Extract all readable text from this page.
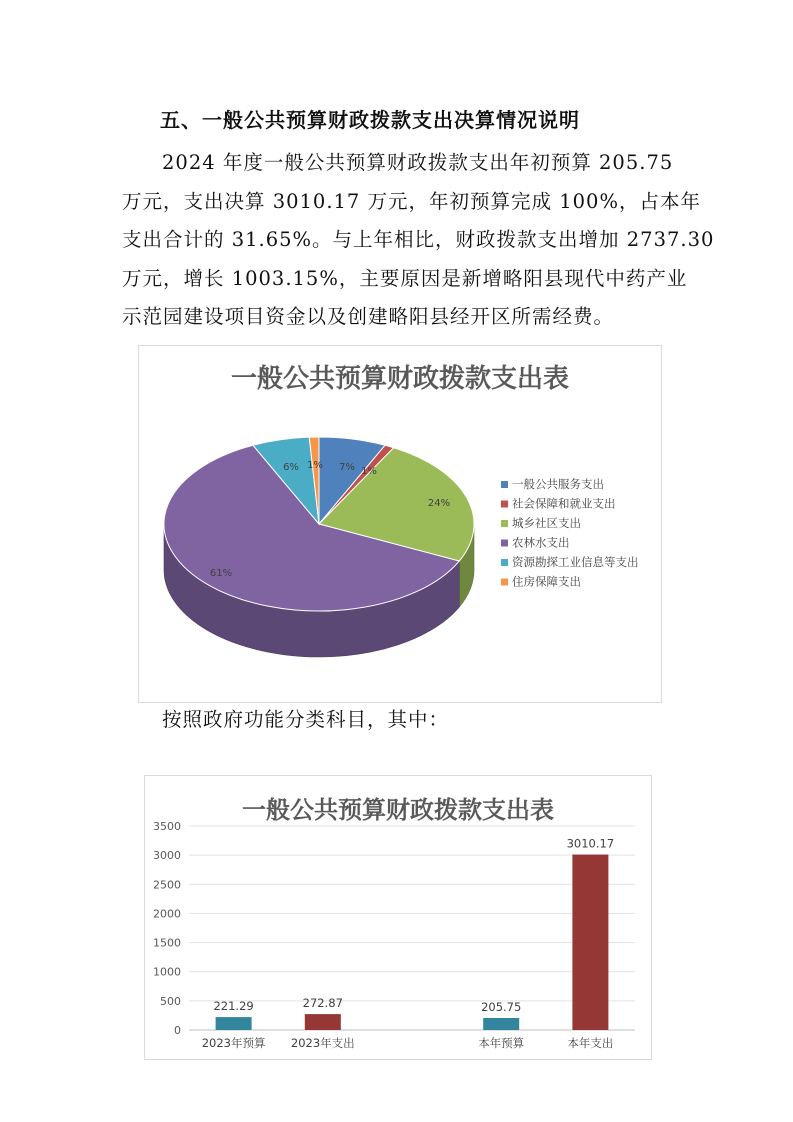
五、一般公共预算财政拨款支出决算情况说明
2024 年度一般公共预算财政拨款支出年初预算 205.75
万元，支出决算 3010.17 万元，年初预算完成 100%，占本年
支出合计的 31.65%。与上年相比，财政拨款支出增加 2737.30
万元，增长 1003.15%，主要原因是新增略阳县现代中药产业
示范园建设项目资金以及创建略阳县经开区所需经费。
一般公共预算财政拨款支出表
7% 1%
24%
61%
6% 1%
一般公共服务支出
社会保障和就业支出
城乡社区支出
农林水支出
资源勘探工业信息等支出
住房保障支出
按照政府功能分类科目，其中：
一般公共预算财政拨款支出表
0
500
1000
1500
2000
2500
3000
3500
221.29
2023年预算
272.87
2023年支出
205.75
本年预算
3010.17
本年支出
